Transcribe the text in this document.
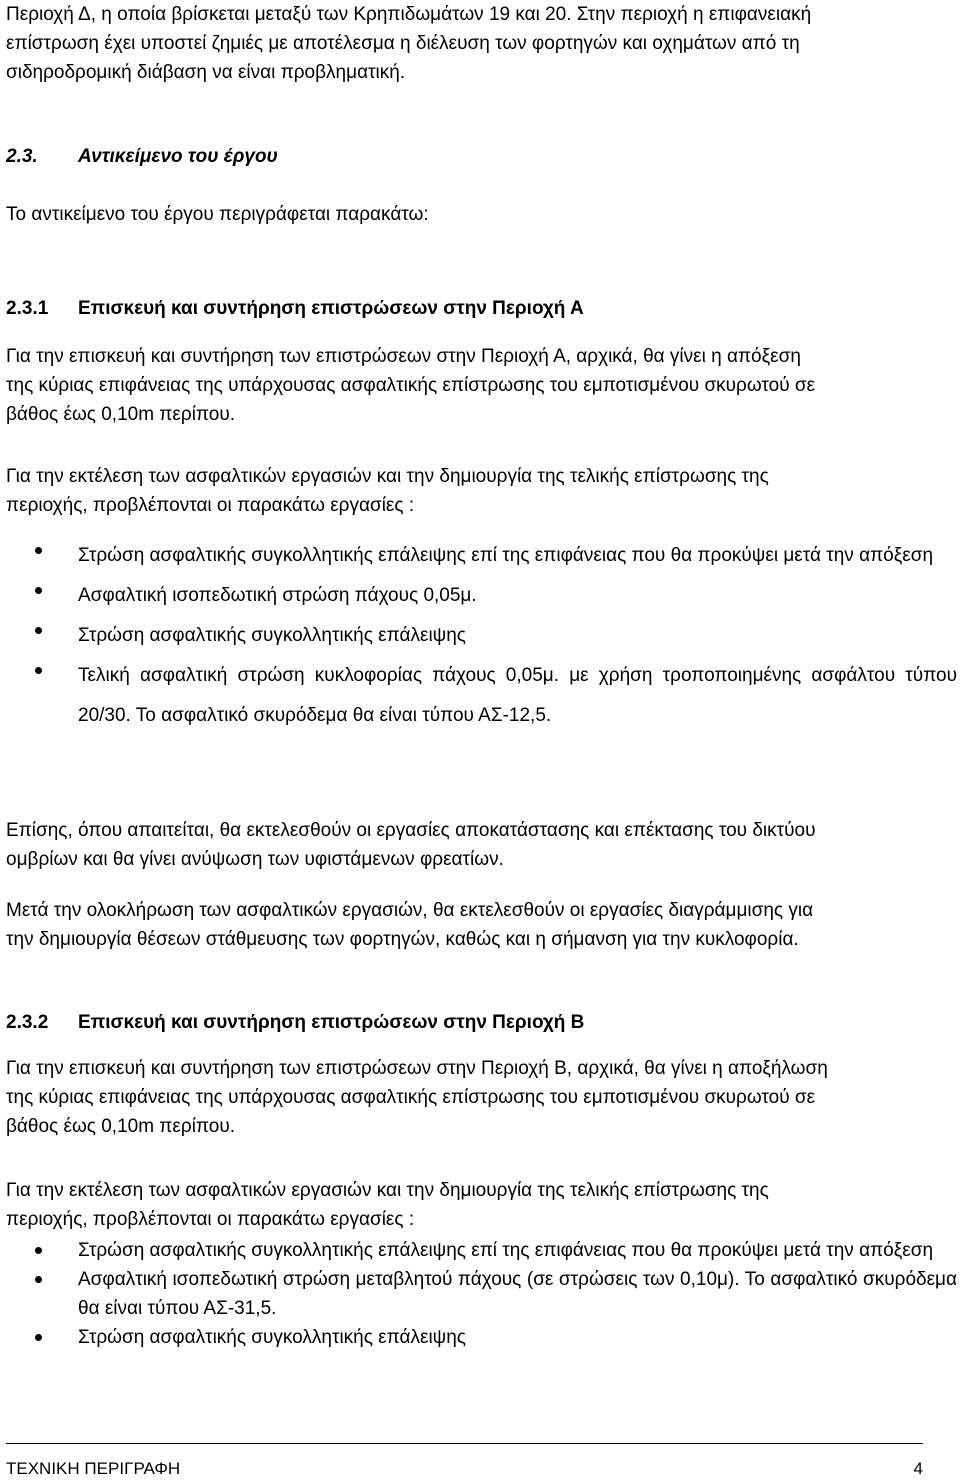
Περιοχή Δ, η οποία βρίσκεται μεταξύ των Κρηπιδωμάτων 19 και 20. Στην περιοχή η επιφανειακή

επίστρωση έχει υποστεί ζημιές με αποτέλεσμα η διέλευση των φορτηγών και οχημάτων από τη

σιδηροδρομική διάβαση να είναι προβληματική.

2.3. Αντικείμενο του έργου

Το αντικείμενο του έργου περιγράφεται παρακάτω:

2.3.1 Επισκευή και συντήρηση επιστρώσεων στην Περιοχή Α

Για την επισκευή και συντήρηση των επιστρώσεων στην Περιοχή Α, αρχικά, θα γίνει η απόξεση

της κύριας επιφάνειας της υπάρχουσας ασφαλτικής επίστρωσης του εμποτισμένου σκυρωτού σε

βάθος έως 0,10m περίπου.

Για την εκτέλεση των ασφαλτικών εργασιών και την δημιουργία της τελικής επίστρωσης της

περιοχής, προβλέπονται οι παρακάτω εργασίες :

Στρώση ασφαλτικής συγκολλητικής επάλειψης επί της επιφάνειας που θα προκύψει μετά την απόξεση
Ασφαλτική ισοπεδωτική στρώση πάχους 0,05μ.
Στρώση ασφαλτικής συγκολλητικής επάλειψης
Τελική ασφαλτική στρώση κυκλοφορίας πάχους 0,05μ. με χρήση τροποποιημένης ασφάλτου τύπου 20/30. Το ασφαλτικό σκυρόδεμα θα είναι τύπου ΑΣ-12,5.

Επίσης, όπου απαιτείται, θα εκτελεσθούν οι εργασίες αποκατάστασης και επέκτασης του δικτύου

ομβρίων και θα γίνει ανύψωση των υφιστάμενων φρεατίων.

Μετά την ολοκλήρωση των ασφαλτικών εργασιών, θα εκτελεσθούν οι εργασίες διαγράμμισης για

την δημιουργία θέσεων στάθμευσης των φορτηγών, καθώς και η σήμανση για την κυκλοφορία.

2.3.2 Επισκευή και συντήρηση επιστρώσεων στην Περιοχή Β

Για την επισκευή και συντήρηση των επιστρώσεων στην Περιοχή Β, αρχικά, θα γίνει η αποξήλωση

της κύριας επιφάνειας της υπάρχουσας ασφαλτικής επίστρωσης του εμποτισμένου σκυρωτού σε

βάθος έως 0,10m περίπου.

Για την εκτέλεση των ασφαλτικών εργασιών και την δημιουργία της τελικής επίστρωσης της

περιοχής, προβλέπονται οι παρακάτω εργασίες :

Στρώση ασφαλτικής συγκολλητικής επάλειψης επί της επιφάνειας που θα προκύψει μετά την απόξεση
Ασφαλτική ισοπεδωτική στρώση μεταβλητού πάχους (σε στρώσεις των 0,10μ). Το ασφαλτικό σκυρόδεμα θα είναι τύπου ΑΣ-31,5.
Στρώση ασφαλτικής συγκολλητικής επάλειψης
ΤΕΧΝΙΚΗ ΠΕΡΙΓΡΑΦΗ	4
